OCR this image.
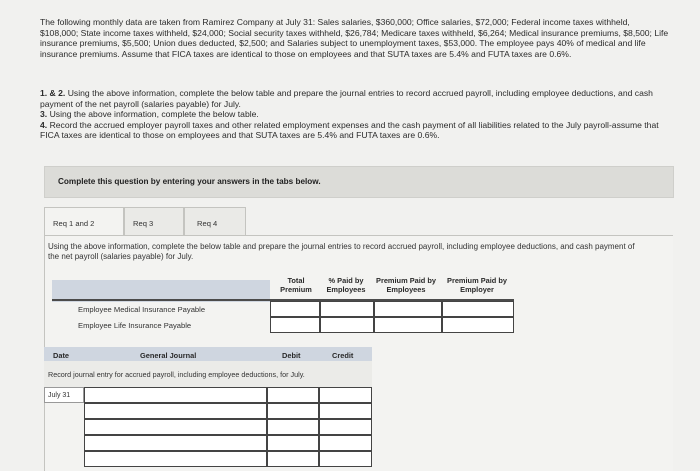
The following monthly data are taken from Ramirez Company at July 31: Sales salaries, $360,000; Office salaries, $72,000; Federal income taxes withheld, $108,000; State income taxes withheld, $24,000; Social security taxes withheld, $26,784; Medicare taxes withheld, $6,264; Medical insurance premiums, $8,500; Life insurance premiums, $5,500; Union dues deducted, $2,500; and Salaries subject to unemployment taxes, $53,000. The employee pays 40% of medical and life insurance premiums. Assume that FICA taxes are identical to those on employees and that SUTA taxes are 5.4% and FUTA taxes are 0.6%.
1. & 2. Using the above information, complete the below table and prepare the journal entries to record accrued payroll, including employee deductions, and cash payment of the net payroll (salaries payable) for July.
3. Using the above information, complete the below table.
4. Record the accrued employer payroll taxes and other related employment expenses and the cash payment of all liabilities related to the July payroll-assume that FICA taxes are identical to those on employees and that SUTA taxes are 5.4% and FUTA taxes are 0.6%.
Complete this question by entering your answers in the tabs below.
Req 1 and 2	Req 3	Req 4
Using the above information, complete the below table and prepare the journal entries to record accrued payroll, including employee deductions, and cash payment of the net payroll (salaries payable) for July.
Total Premium
% Paid by Employees
Premium Paid by Employees
Premium Paid by Employer
Employee Medical Insurance Payable
Employee Life Insurance Payable
Date	General Journal	Debit	Credit
Record journal entry for accrued payroll, including employee deductions, for July.
July 31
